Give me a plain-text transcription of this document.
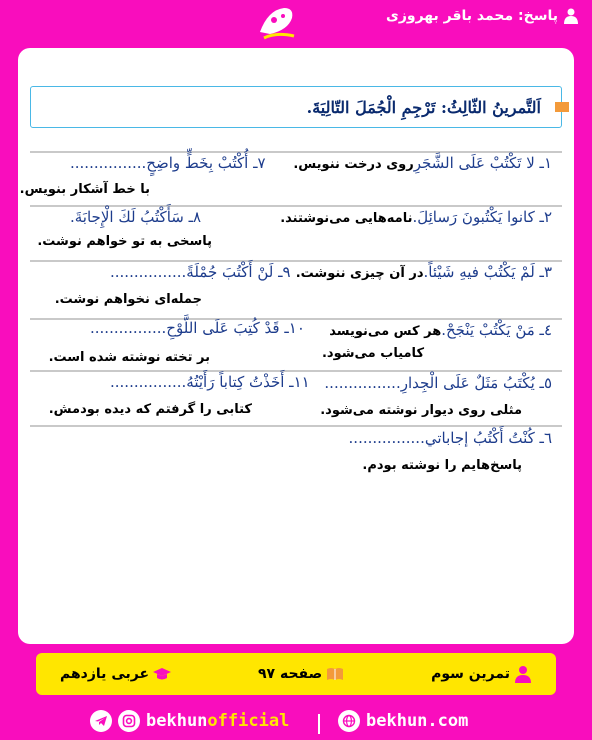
پاسخ: محمد باقر بهروزی
اَلتَّمرينُ الثّالِثُ: تَرْجِمِ الْجُمَلَ التّالِيَةَ.
١ـ لا تَكْتُبْ عَلَى الشَّجَرِروی درخت ننویس.
٧ـ أُكْتُبْ بِخَطٍّ واضِحٍ................
با خط آشکار بنویس.
٢ـ كانوا يَكْتُبونَ رَسائِلَ.نامه‌هایی می‌نوشتند.
٨ـ سَأَكْتُبُ لَكَ الْإِجابَةَ.
پاسخی به تو خواهم نوشت.
٣ـ لَمْ يَكْتُبْ فيهِ شَيْئاً.در آن چیزی ننوشت.
٩ـ لَنْ أَكْتُبَ جُمْلَةً................
جمله‌ای نخواهم نوشت.
٤ـ مَنْ يَكْتُبْ يَنْجَحْ.هر کس می‌نویسد
کامیاب می‌شود.
١٠ـ قَدْ كُتِبَ عَلَى اللَّوْحِ................
بر تخته نوشته شده است.
٥ـ يُكْتَبُ مَثَلٌ عَلَى الْجِدارِ................
مثلی روی دیوار نوشته می‌شود.
١١ـ أَخَذْتُ كِتاباً رَأَيْتُهُ................
کتابی را گرفتم که دیده بودمش.
٦ـ كُنْتُ أَكْتُبُ إجاباتي................
پاسخ‌هایم را نوشته بودم.
تمرین سوم
صفحه ۹۷
عربی یازدهم
bekhunofficial	bekhun.com
